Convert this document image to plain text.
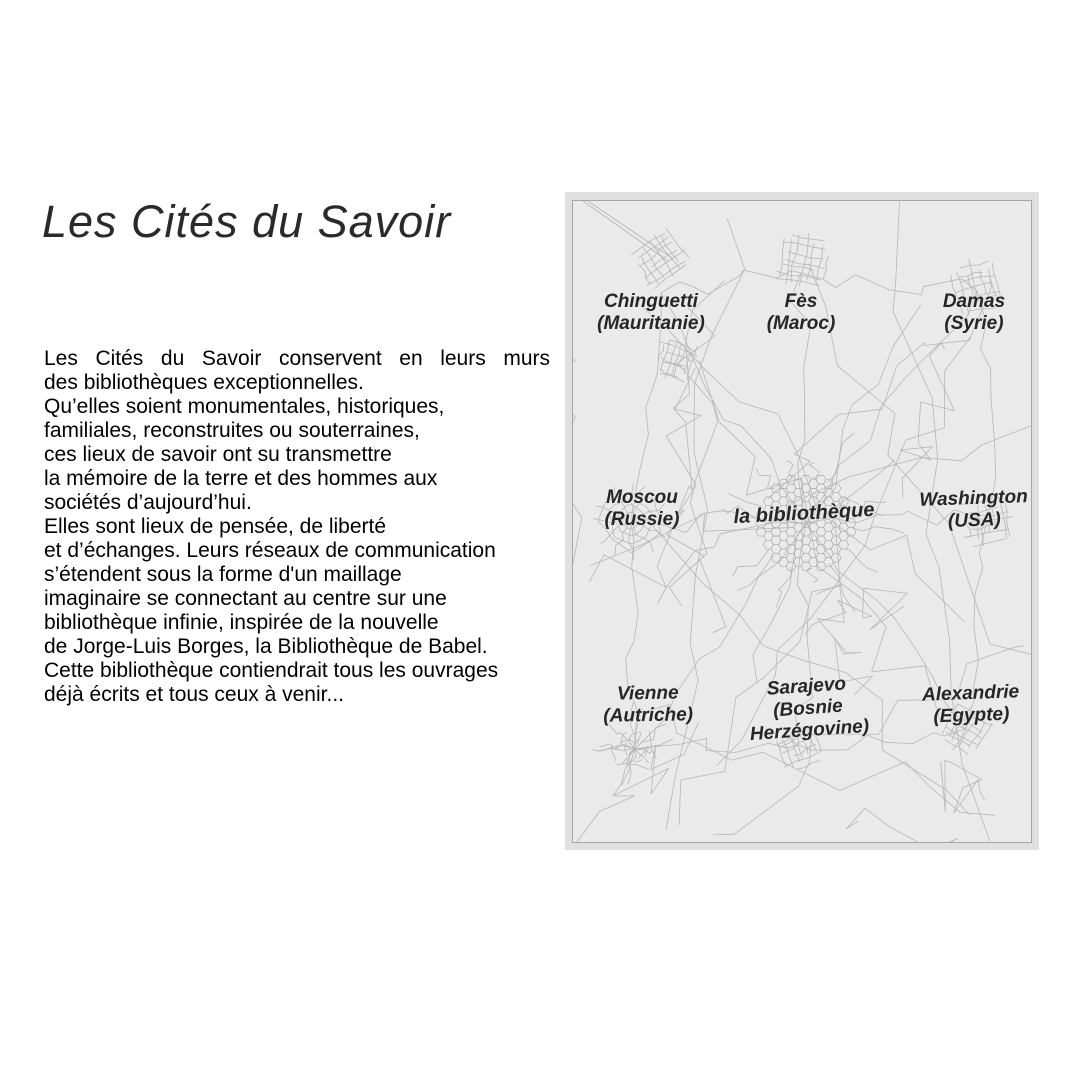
Les Cités du Savoir
Les Cités du Savoir conservent en leurs murs
des bibliothèques exceptionnelles.
Qu’elles soient monumentales, historiques,
familiales, reconstruites ou souterraines,
ces lieux de savoir ont su transmettre
la mémoire de la terre et des hommes aux
sociétés d’aujourd’hui.
Elles sont lieux de pensée, de liberté
et d’échanges. Leurs réseaux de communication
s’étendent sous la forme d'un maillage
imaginaire se connectant au centre sur une
bibliothèque infinie, inspirée de la nouvelle
de Jorge-Luis Borges, la Bibliothèque de Babel.
Cette bibliothèque contiendrait tous les ouvrages
déjà écrits et tous ceux à venir...
Chinguetti
(Mauritanie)
Fès
(Maroc)
Damas
(Syrie)
Moscou
(Russie)
Washington
(USA)
Vienne
(Autriche)
Sarajevo
(Bosnie Herzégovine)
Alexandrie
(Egypte)
la bibliothèque
